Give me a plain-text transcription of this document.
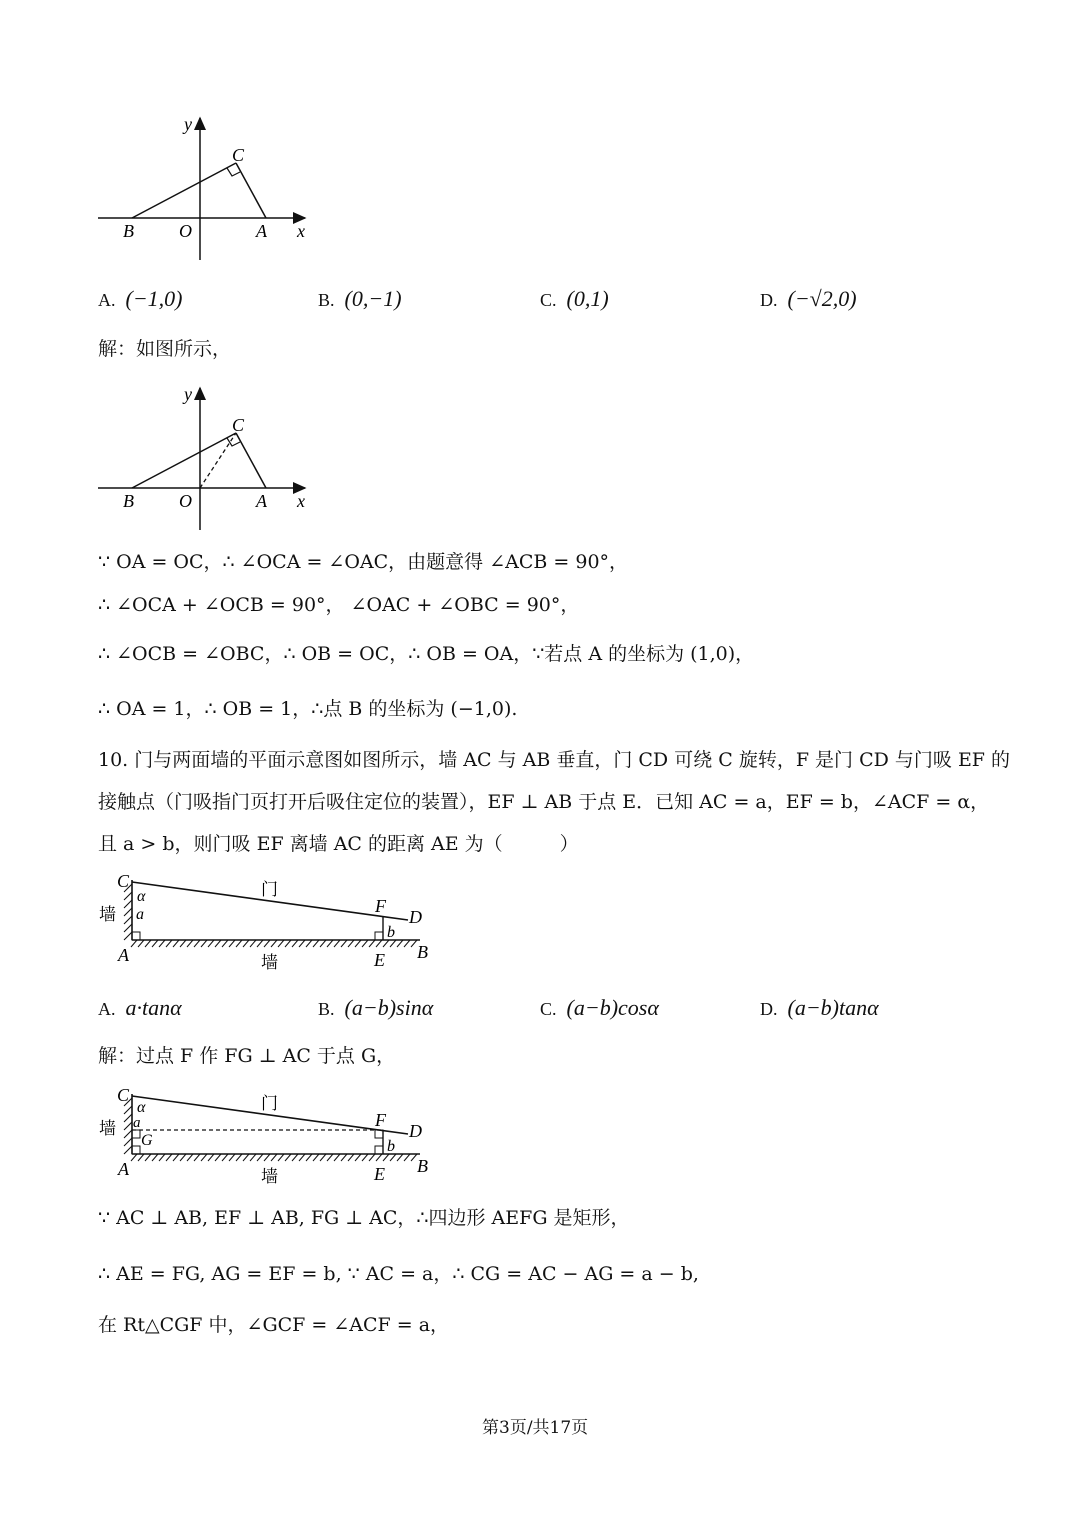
y
C
B	O	A x
A. (−1,0)	B. (0,−1)	C. (0,1)	D. (−√2,0)
解：如图所示，
y
C
B	O	A x
∵ OA = OC，∴ ∠OCA = ∠OAC，由题意得 ∠ACB = 90°，
∴ ∠OCA + ∠OCB = 90°， ∠OAC + ∠OBC = 90°，
∴ ∠OCB = ∠OBC，∴ OB = OC，∴ OB = OA，∵若点 A 的坐标为 (1,0)，
∴ OA = 1，∴ OB = 1，∴点 B 的坐标为 (−1,0).
10. 门与两面墙的平面示意图如图所示，墙 AC 与 AB 垂直，门 CD 可绕 C 旋转，F 是门 CD 与门吸 EF 的
接触点（门吸指门页打开后吸住定位的装置），EF ⊥ AB 于点 E．已知 AC = a，EF = b，∠ACF = α，
且 a > b，则门吸 EF 离墙 AC 的距离 AE 为（　　　）
C
α
a
墙
门
F
D
b
A	墙	E B
A. a·tanα	B. (a−b)sinα	C. (a−b)cosα	D. (a−b)tanα
解：过点 F 作 FG ⊥ AC 于点 G，
C
α
a
G
墙
门
F
D
b
A	墙	E B
∵ AC ⊥ AB, EF ⊥ AB, FG ⊥ AC，∴四边形 AEFG 是矩形，
∴ AE = FG, AG = EF = b, ∵ AC = a，∴ CG = AC − AG = a − b,
在 Rt△CGF 中，∠GCF = ∠ACF = a，
第3页/共17页
